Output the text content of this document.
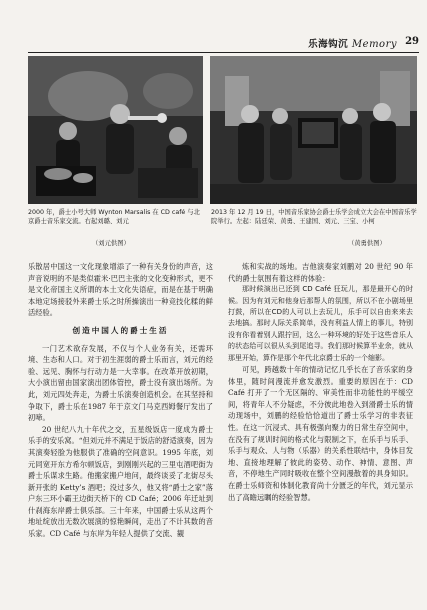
乐海钩沉 Memory 29
2000 年，爵士小号大师 Wynton Marsalis 在 CD café 与北京爵士音乐家交流。右起刘璐、刘元
（刘元供图）
2013 年 12 月 19 日，中国音乐家协会爵士乐学会成立大会在中国音乐学院举行。左起：陆廷荣、黄勇、王建国、刘元、三宝、小柯
（黄勇供图）

乐散居中国这一文化现象增添了一种有关身份的声音，这声音说明的不是类似霍米·巴巴主张的文化变种形式，更不是文化帝国主义所谓的本土文化失语症，而是在基于明确本地定场接驳外来爵士乐之时所操演出一种竞技化糅的鲜活经验。

创造中国人的爵士生活

一门艺术欲存发展，不仅与个人业务有关，还需环境、生态和人口。对于初生涯弱的爵士乐而言，刘元的经验、远见、胸怀与行动力是一大幸事。在改革开放初期，大小演出留由国家演出团体管控，爵士没有演出场所。为此，刘元四处奔走，为爵士乐演奏创造机会。在其坚持和争取下，爵士乐在1987 年于京文门马克西姆餐厅发出了初啼。

20 世纪八九十年代之交，五星级饭店一度成为爵士乐手的安乐窝。“但刘元并不满足于饭店的舒适演奏，因为其演奏轻脸为他服供了准确的空间意识。1995 年底，刘元同宽开东方希尔顿饭店，到刚刚兴起的三里屯酒吧街为爵士乐谋求生路。他搬家搬户地问，最终谈妥了北街尽头新开张的 Ketty’s 酒吧；没过多久，他又将“爵士之家”落户东三环小霸王边街天桥下的 CD Café；2006 年迁址到什刹海东岸爵士俱乐部。三十年来，中国爵士乐从这两个地址绽放出无数次展演的惊艳瞬间，走出了不计其数的音乐家。CD Café 与东岸为年轻人提供了交流、観

炼和实战的场地。吉他演奏家刘鹏对 20 世纪 90 年代的爵士氛围有着这样的体验：

那时候演出已还到 CD Café 狂玩儿，那是最开心的时候。因为有刘元和他身后那帮人的氛围，所以不在小剧场里打鼓，所以在CD的人可以上去玩儿，乐手可以自由来来去去地搞。那时人际关系简单，没有利益人情上的事儿，特别没有你看着别人跟拧回，这么一种环境的好处于这些音乐人的状态给可以很从头到尾追寻。我们那时候算半业余，就从那里开始，算作是那个年代北京爵士乐的一个缩影。

可见，跨越数十年的情动记忆几乎长在了音乐家的身体里，随时间漫流并愈发激烈。重要的原因在于：CD Café 打开了一个无区隔的、审美性而非功能性的平缓空间，将青年人不分疑虑，不分彼此地卷入到滑爵士乐的情动现场中，刘鹏的经验恰恰道出了爵士乐学习的非表征性。在这一沉浸式、具有极强向聚力的日常生存空间中，在没有了规训时间的格式化与限制之下，在乐手与乐手、乐手与观众、人与物（乐器）的关系性联结中，身体目发地、直接地理解了彼此的姿势、动作、神情、意图、声音，不停地生产同时吸收在整个空间漫散着的具身知识。在爵士乐师资和体制化教育尚十分匮乏的年代，刘元显示出了高瞻远瞩的经验智慧。
